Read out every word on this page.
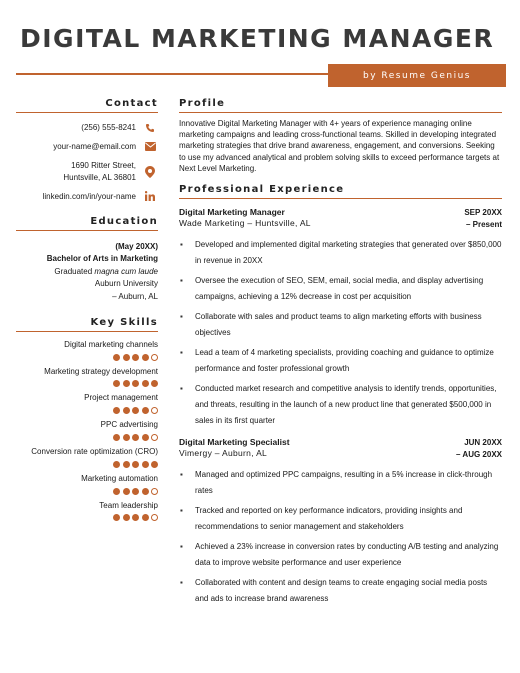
DIGITAL MARKETING MANAGER
by Resume Genius
Contact
(256) 555-8241
your-name@email.com
1690 Ritter Street,
Huntsville, AL 36801
linkedin.com/in/your-name
Education
(May 20XX)
Bachelor of Arts in Marketing
Graduated magna cum laude
Auburn University
– Auburn, AL
Key Skills
Digital marketing channels
Marketing strategy development
Project management
PPC advertising
Conversion rate optimization (CRO)
Marketing automation
Team leadership
Profile

Innovative Digital Marketing Manager with 4+ years of experience managing online marketing campaigns and leading cross-functional teams. Skilled in developing integrated marketing strategies that drive brand awareness, engagement, and conversions. Seeking to use my advanced analytical and problem solving skills to exceed performance targets at Next Level Marketing.

Professional Experience
Digital Marketing Manager
Wade Marketing – Huntsville, AL
SEP 20XX
– Present
▪ Developed and implemented digital marketing strategies that generated over $850,000 in revenue in 20XX
▪ Oversee the execution of SEO, SEM, email, social media, and display advertising campaigns, achieving a 12% decrease in cost per acquisition
▪ Collaborate with sales and product teams to align marketing efforts with business objectives
▪ Lead a team of 4 marketing specialists, providing coaching and guidance to optimize performance and foster professional growth
▪ Conducted market research and competitive analysis to identify trends, opportunities, and threats, resulting in the launch of a new product line that generated $500,000 in sales in its first quarter
Digital Marketing Specialist
Vimergy – Auburn, AL
JUN 20XX
– AUG 20XX
▪ Managed and optimized PPC campaigns, resulting in a 5% increase in click-through rates
▪ Tracked and reported on key performance indicators, providing insights and recommendations to senior management and stakeholders
▪ Achieved a 23% increase in conversion rates by conducting A/B testing and analyzing data to improve website performance and user experience
▪ Collaborated with content and design teams to create engaging social media posts and ads to increase brand awareness
